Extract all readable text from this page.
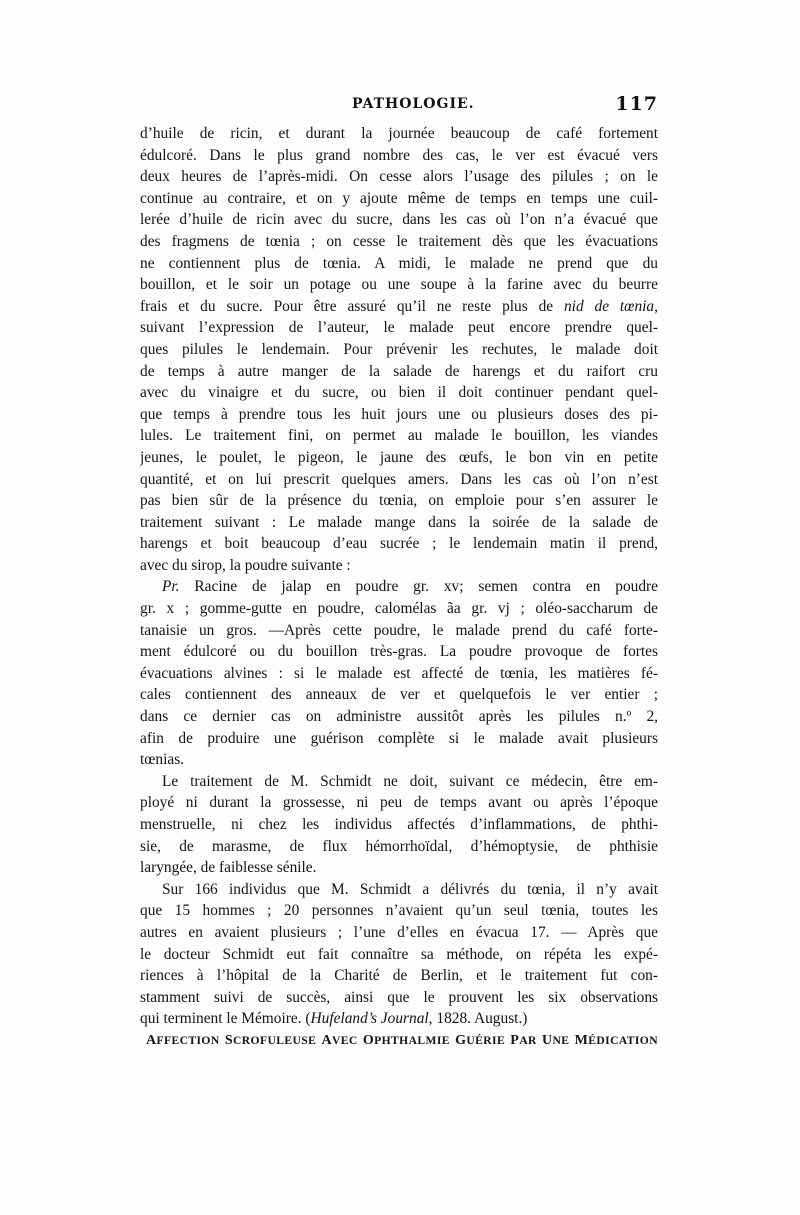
PATHOLOGIE.	117
d’huile de ricin, et durant la journée beaucoup de café fortement
édulcoré. Dans le plus grand nombre des cas, le ver est évacué vers
deux heures de l’après-midi. On cesse alors l’usage des pilules ; on le
continue au contraire, et on y ajoute même de temps en temps une cuil-
lerée d’huile de ricin avec du sucre, dans les cas où l’on n’a évacué que
des fragmens de tœnia ; on cesse le traitement dès que les évacuations
ne contiennent plus de tœnia. A midi, le malade ne prend que du
bouillon, et le soir un potage ou une soupe à la farine avec du beurre
frais et du sucre. Pour être assuré qu’il ne reste plus de nid de tœnia,
suivant l’expression de l’auteur, le malade peut encore prendre quel-
ques pilules le lendemain. Pour prévenir les rechutes, le malade doit
de temps à autre manger de la salade de harengs et du raifort cru
avec du vinaigre et du sucre, ou bien il doit continuer pendant quel-
que temps à prendre tous les huit jours une ou plusieurs doses des pi-
lules. Le traitement fini, on permet au malade le bouillon, les viandes
jeunes, le poulet, le pigeon, le jaune des œufs, le bon vin en petite
quantité, et on lui prescrit quelques amers. Dans les cas où l’on n’est
pas bien sûr de la présence du tœnia, on emploie pour s’en assurer le
traitement suivant : Le malade mange dans la soirée de la salade de
harengs et boit beaucoup d’eau sucrée ; le lendemain matin il prend,
avec du sirop, la poudre suivante :
Pr. Racine de jalap en poudre gr. xv; semen contra en poudre
gr. x ; gomme-gutte en poudre, calomélas ãa gr. vj ; oléo-saccharum de
tanaisie un gros. —Après cette poudre, le malade prend du café forte-
ment édulcoré ou du bouillon très-gras. La poudre provoque de fortes
évacuations alvines : si le malade est affecté de tœnia, les matières fé-
cales contiennent des anneaux de ver et quelquefois le ver entier ;
dans ce dernier cas on administre aussitôt après les pilules n.º 2,
afin de produire une guérison complète si le malade avait plusieurs
tœnias.
Le traitement de M. Schmidt ne doit, suivant ce médecin, être em-
ployé ni durant la grossesse, ni peu de temps avant ou après l’époque
menstruelle, ni chez les individus affectés d’inflammations, de phthi-
sie, de marasme, de flux hémorrhoïdal, d’hémoptysie, de phthisie
laryngée, de faiblesse sénile.
Sur 166 individus que M. Schmidt a délivrés du tœnia, il n’y avait
que 15 hommes ; 20 personnes n’avaient qu’un seul tœnia, toutes les
autres en avaient plusieurs ; l’une d’elles en évacua 17. — Après que
le docteur Schmidt eut fait connaître sa méthode, on répéta les expé-
riences à l’hôpital de la Charité de Berlin, et le traitement fut con-
stamment suivi de succès, ainsi que le prouvent les six observations
qui terminent le Mémoire. (Hufeland’s Journal, 1828. August.)
AFFECTION SCROFULEUSE AVEC OPHTHALMIE GUÉRIE PAR UNE MÉDICATION
